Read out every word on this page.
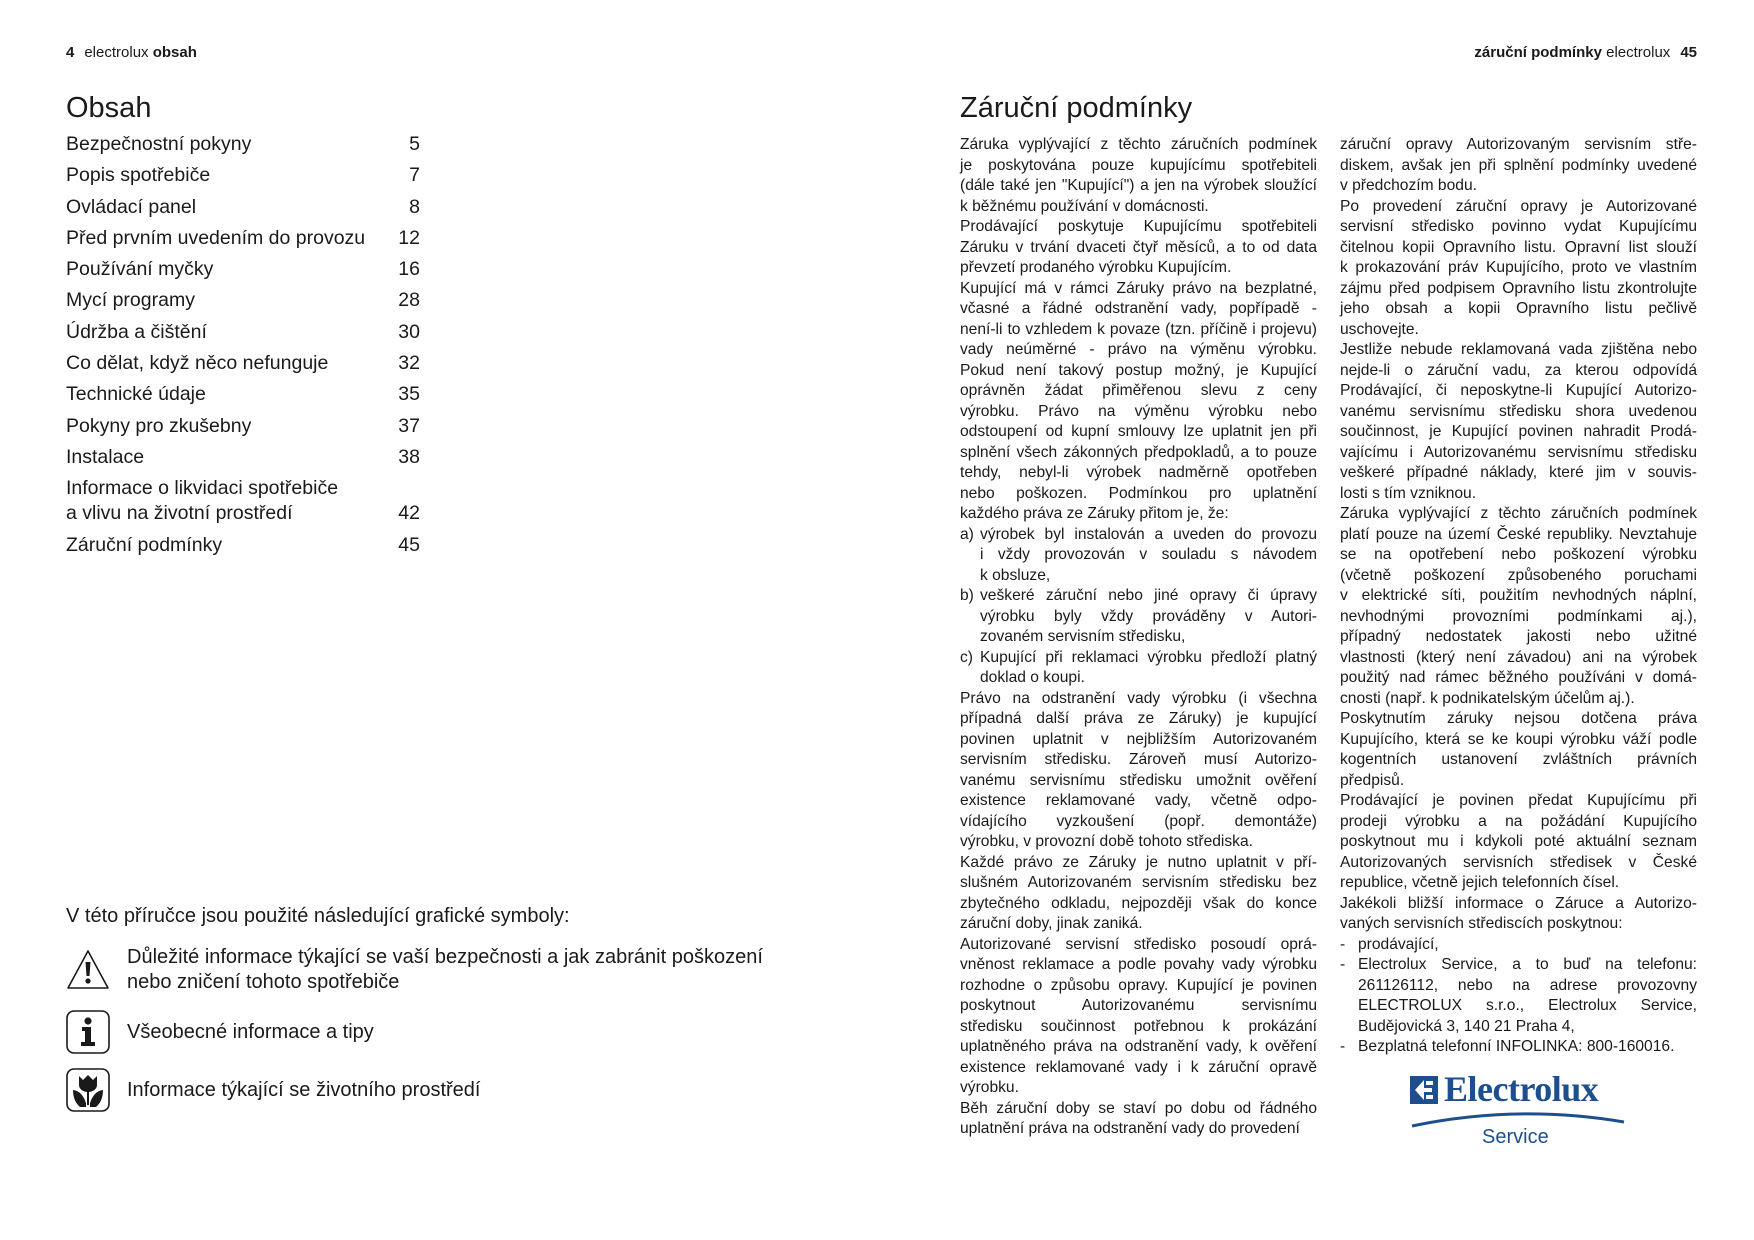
4 electrolux obsah	záruční podmínky electrolux 45
Obsah
Bezpečnostní pokyny	5
Popis spotřebiče	7
Ovládací panel	8
Před prvním uvedením do provozu 12
Používání myčky	16
Mycí programy	28
Údržba a čištění	30
Co dělat, když něco nefunguje	32
Technické údaje	35
Pokyny pro zkušebny	37
Instalace	38
Informace o likvidaci spotřebiče
a vlivu na životní prostředí	42
Záruční podmínky	45
V této příručce jsou použité následující grafické symboly:
Důležité informace týkající se vaší bezpečnosti a jak zabránit poškození
nebo zničení tohoto spotřebiče
Všeobecné informace a tipy
Informace týkající se životního prostředí
Záruční podmínky
Záruka vyplývající z těchto záručních podmínek
je poskytována pouze kupujícímu spotřebiteli
(dále také jen "Kupující") a jen na výrobek sloužící
k běžnému používání v domácnosti.
Prodávající poskytuje Kupujícímu spotřebiteli
Záruku v trvání dvaceti čtyř měsíců, a to od data
převzetí prodaného výrobku Kupujícím.
Kupující má v rámci Záruky právo na bezplatné,
včasné a řádné odstranění vady, popřípadě -
není-li to vzhledem k povaze (tzn. příčině i projevu)
vady neúměrné - právo na výměnu výrobku.
Pokud není takový postup možný, je Kupující
oprávněn žádat přiměřenou slevu z ceny
výrobku. Právo na výměnu výrobku nebo
odstoupení od kupní smlouvy lze uplatnit jen při
splnění všech zákonných předpokladů, a to pouze
tehdy, nebyl-li výrobek nadměrně opotřeben
nebo poškozen. Podmínkou pro uplatnění
každého práva ze Záruky přitom je, že:
a) výrobek byl instalován a uveden do provozu
i vždy provozován v souladu s návodem
k obsluze,
b) veškeré záruční nebo jiné opravy či úpravy
výrobku byly vždy prováděny v Autori-
zovaném servisním středisku,
c) Kupující při reklamaci výrobku předloží platný
doklad o koupi.
Právo na odstranění vady výrobku (i všechna
případná další práva ze Záruky) je kupující
povinen uplatnit v nejbližším Autorizovaném
servisním středisku. Zároveň musí Autorizo-
vanému servisnímu středisku umožnit ověření
existence reklamované vady, včetně odpo-
vídajícího vyzkoušení (popř. demontáže)
výrobku, v provozní době tohoto střediska.
Každé právo ze Záruky je nutno uplatnit v pří-
slušném Autorizovaném servisním středisku bez
zbytečného odkladu, nejpozději však do konce
záruční doby, jinak zaniká.
Autorizované servisní středisko posoudí oprá-
vněnost reklamace a podle povahy vady výrobku
rozhodne o způsobu opravy. Kupující je povinen
poskytnout Autorizovanému servisnímu
středisku součinnost potřebnou k prokázání
uplatněného práva na odstranění vady, k ověření
existence reklamované vady i k záruční opravě
výrobku.
Běh záruční doby se staví po dobu od řádného
uplatnění práva na odstranění vady do provedení
záruční opravy Autorizovaným servisním stře-
diskem, avšak jen při splnění podmínky uvedené
v předchozím bodu.
Po provedení záruční opravy je Autorizované
servisní středisko povinno vydat Kupujícímu
čitelnou kopii Opravního listu. Opravní list slouží
k prokazování práv Kupujícího, proto ve vlastním
zájmu před podpisem Opravního listu zkontrolujte
jeho obsah a kopii Opravního listu pečlivě
uschovejte.
Jestliže nebude reklamovaná vada zjištěna nebo
nejde-li o záruční vadu, za kterou odpovídá
Prodávající, či neposkytne-li Kupující Autorizo-
vanému servisnímu středisku shora uvedenou
součinnost, je Kupující povinen nahradit Prodá-
vajícímu i Autorizovanému servisnímu středisku
veškeré případné náklady, které jim v souvis-
losti s tím vzniknou.
Záruka vyplývající z těchto záručních podmínek
platí pouze na území České republiky. Nevztahuje
se na opotřebení nebo poškození výrobku
(včetně poškození způsobeného poruchami
v elektrické síti, použitím nevhodných náplní,
nevhodnými provozními podmínkami aj.),
případný nedostatek jakosti nebo užitné
vlastnosti (který není závadou) ani na výrobek
použitý nad rámec běžného používáni v domá-
cnosti (např. k podnikatelským účelům aj.).
Poskytnutím záruky nejsou dotčena práva
Kupujícího, která se ke koupi výrobku váží podle
kogentních ustanovení zvláštních právních
předpisů.
Prodávající je povinen předat Kupujícímu při
prodeji výrobku a na požádání Kupujícího
poskytnout mu i kdykoli poté aktuální seznam
Autorizovaných servisních středisek v České
republice, včetně jejich telefonních čísel.
Jakékoli bližší informace o Záruce a Autorizo-
vaných servisních střediscích poskytnou:
- prodávající,
- Electrolux Service, a to buď na telefonu:
261126112, nebo na adrese provozovny
ELECTROLUX s.r.o., Electrolux Service,
Budějovická 3, 140 21 Praha 4,
- Bezplatná telefonní INFOLINKA: 800-160016.
Electrolux
Service
